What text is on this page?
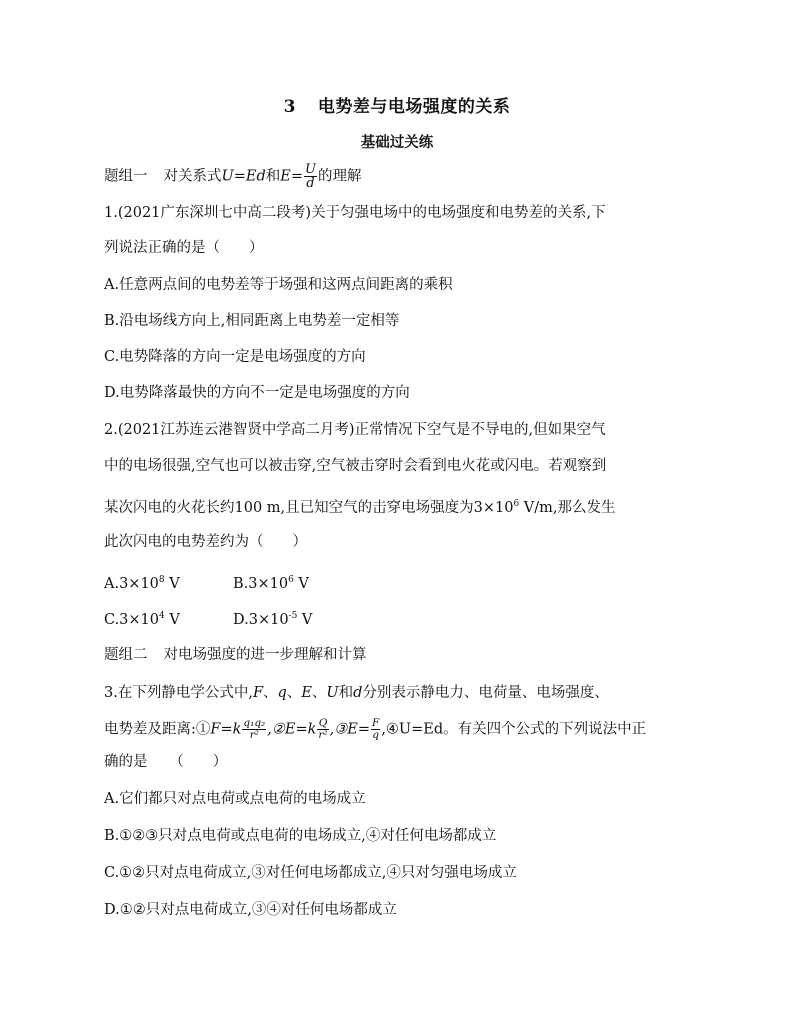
3 电势差与电场强度的关系
基础过关练
题组一 对关系式U=Ed和$E= \frac{U}{d}$ 的理解
1.(2021广东深圳七中高二段考)关于匀强电场中的电场强度和电势差的关系,下
列说法正确的是（　　）
A.任意两点间的电势差等于场强和这两点间距离的乘积
B.沿电场线方向上,相同距离上电势差一定相等
C.电势降落的方向一定是电场强度的方向
D.电势降落最快的方向不一定是电场强度的方向
2.(2021江苏连云港智贤中学高二月考)正常情况下空气是不导电的,但如果空气
中的电场很强,空气也可以被击穿,空气被击穿时会看到电火花或闪电。若观察到
某次闪电的火花长约100 m,且已知空气的击穿电场强度为$3\times 10^6$ V/m,那么发生
此次闪电的电势差约为（　　）
$A.3\times 10^8$ V	$B.3\times 10^6$ V
$C.3\times 10^4$ V	$D.3\times 10^{-5}$ V
题组二 对电场强度的进一步理解和计算
3.在下列静电学公式中,F、q、E、U和d分别表示静电力、电荷量、电场强度、
电势差及距离:①F=k $\frac{\text{q₁q₂}}{\text{r²}}$ ,②E=k $\frac{Q}{\text{r²}}$ ,③E= $\frac{F}{q}$ ,④U=Ed。有关四个公式的下列说法中正
确的是　　（　　）
A.它们都只对点电荷或点电荷的电场成立
B.①②③只对点电荷或点电荷的电场成立,④对任何电场都成立
C.①②只对点电荷成立,③对任何电场都成立,④只对匀强电场成立
D.①②只对点电荷成立,③④对任何电场都成立
